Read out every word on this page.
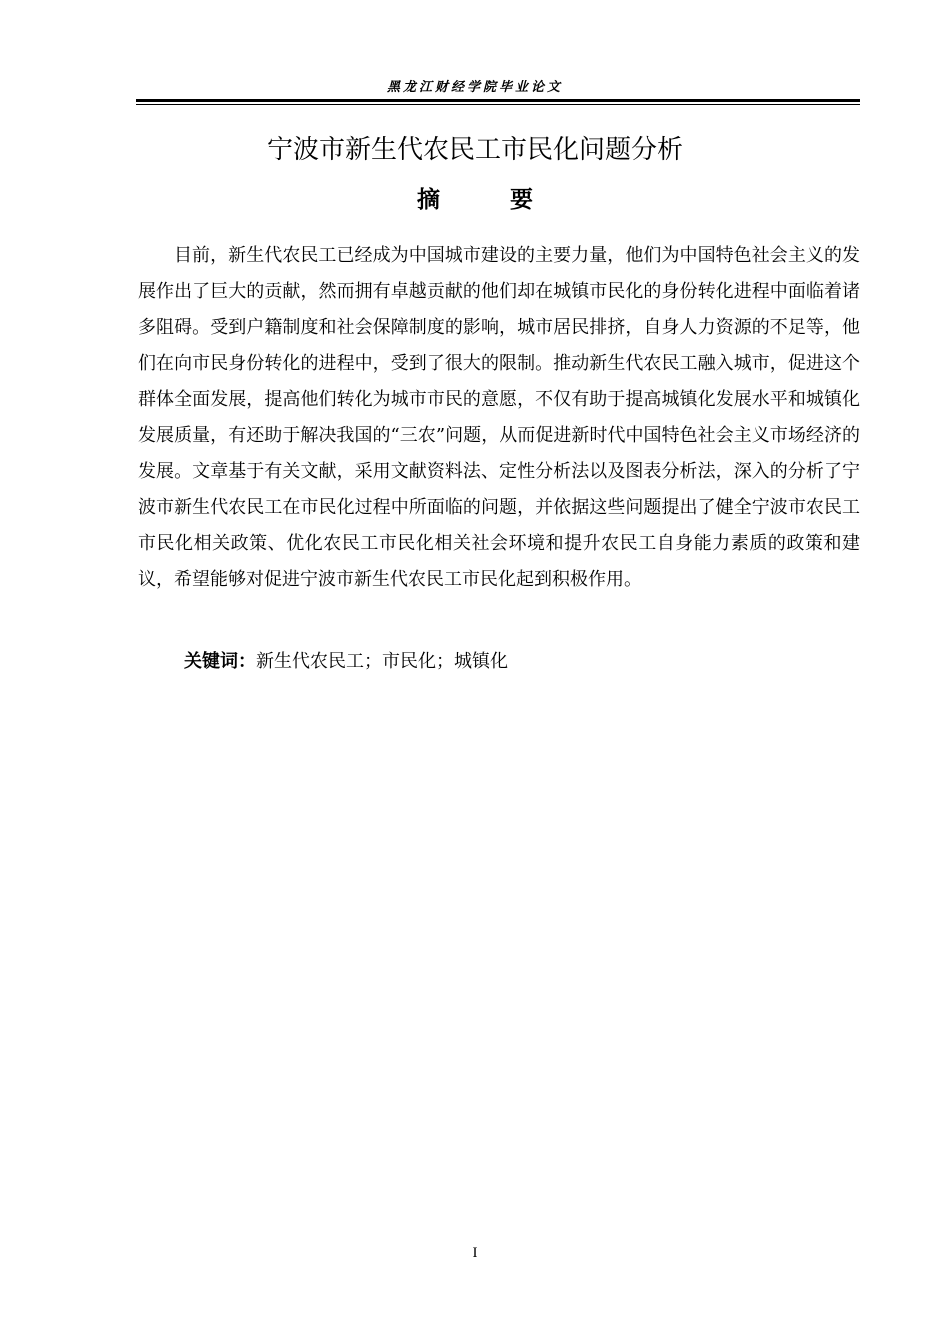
黑龙江财经学院毕业论文
宁波市新生代农民工市民化问题分析
摘	要

目前，新生代农民工已经成为中国城市建设的主要力量，他们为中国特色社会主义的发展作出了巨大的贡献，然而拥有卓越贡献的他们却在城镇市民化的身份转化进程中面临着诸多阻碍。受到户籍制度和社会保障制度的影响，城市居民排挤，自身人力资源的不足等，他们在向市民身份转化的进程中，受到了很大的限制。推动新生代农民工融入城市，促进这个群体全面发展，提高他们转化为城市市民的意愿，不仅有助于提高城镇化发展水平和城镇化发展质量，有还助于解决我国的“三农”问题，从而促进新时代中国特色社会主义市场经济的发展。文章基于有关文献，采用文献资料法、定性分析法以及图表分析法，深入的分析了宁波市新生代农民工在市民化过程中所面临的问题，并依据这些问题提出了健全宁波市农民工市民化相关政策、优化农民工市民化相关社会环境和提升农民工自身能力素质的政策和建议，希望能够对促进宁波市新生代农民工市民化起到积极作用。

关键词：新生代农民工；市民化；城镇化
I
